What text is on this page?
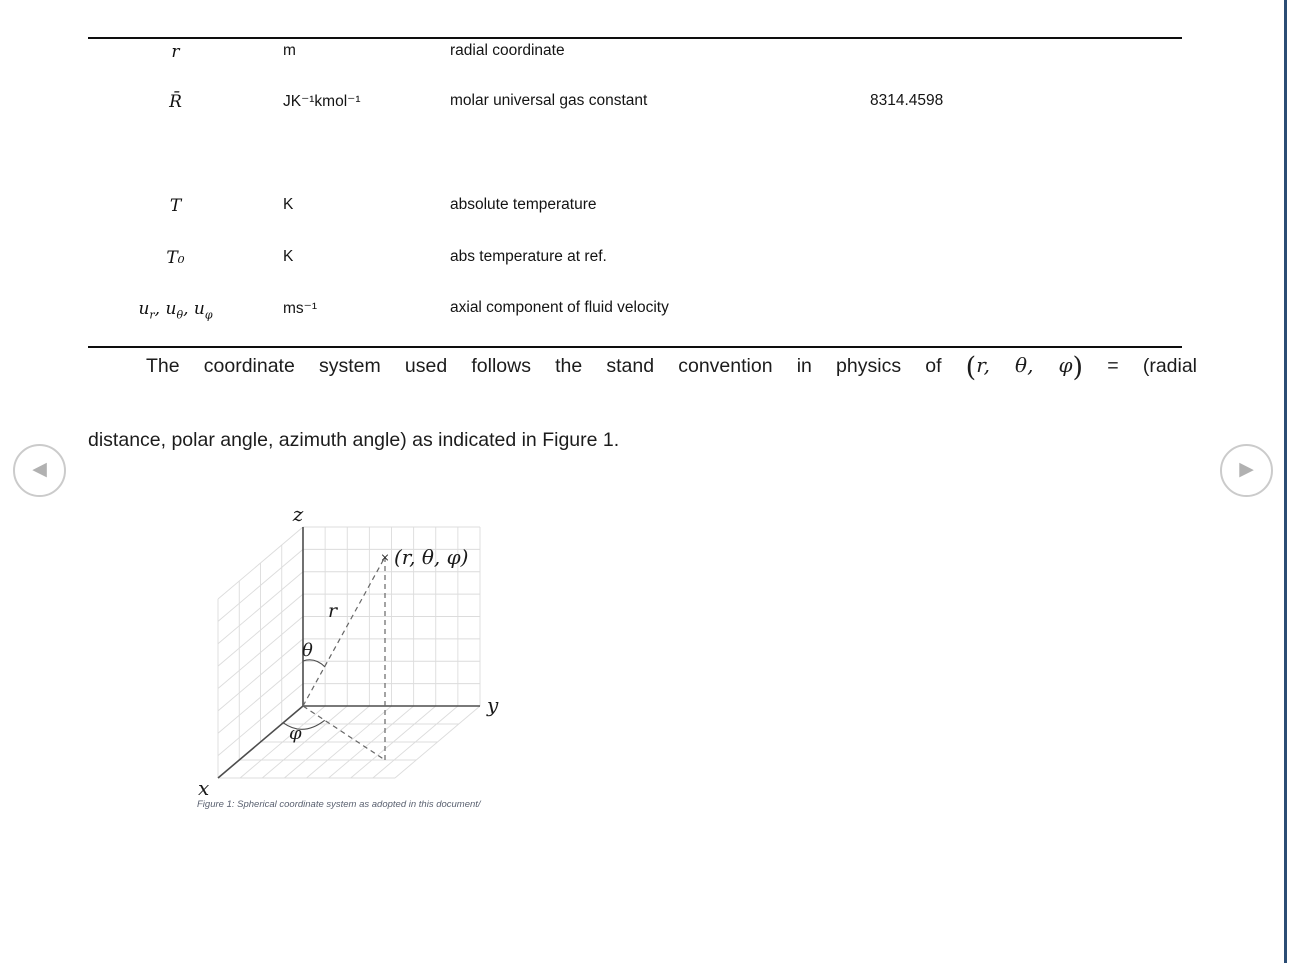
r	m	radial coordinate
R̄	JK⁻¹kmol⁻¹	molar universal gas constant	8314.4598
T	K	absolute temperature
T₀	K	abs temperature at ref.
$u_r$, $u_\theta$, $u_\varphi$	ms⁻¹	axial component of fluid velocity
The coordinate system used follows the stand convention in physics of (r, θ, φ) = (radial
distance, polar angle, azimuth angle) as indicated in Figure 1.
z
y
x
r
θ
φ
× (r, θ, φ)
Figure 1: Spherical coordinate system as adopted in this document/
◀	▶
